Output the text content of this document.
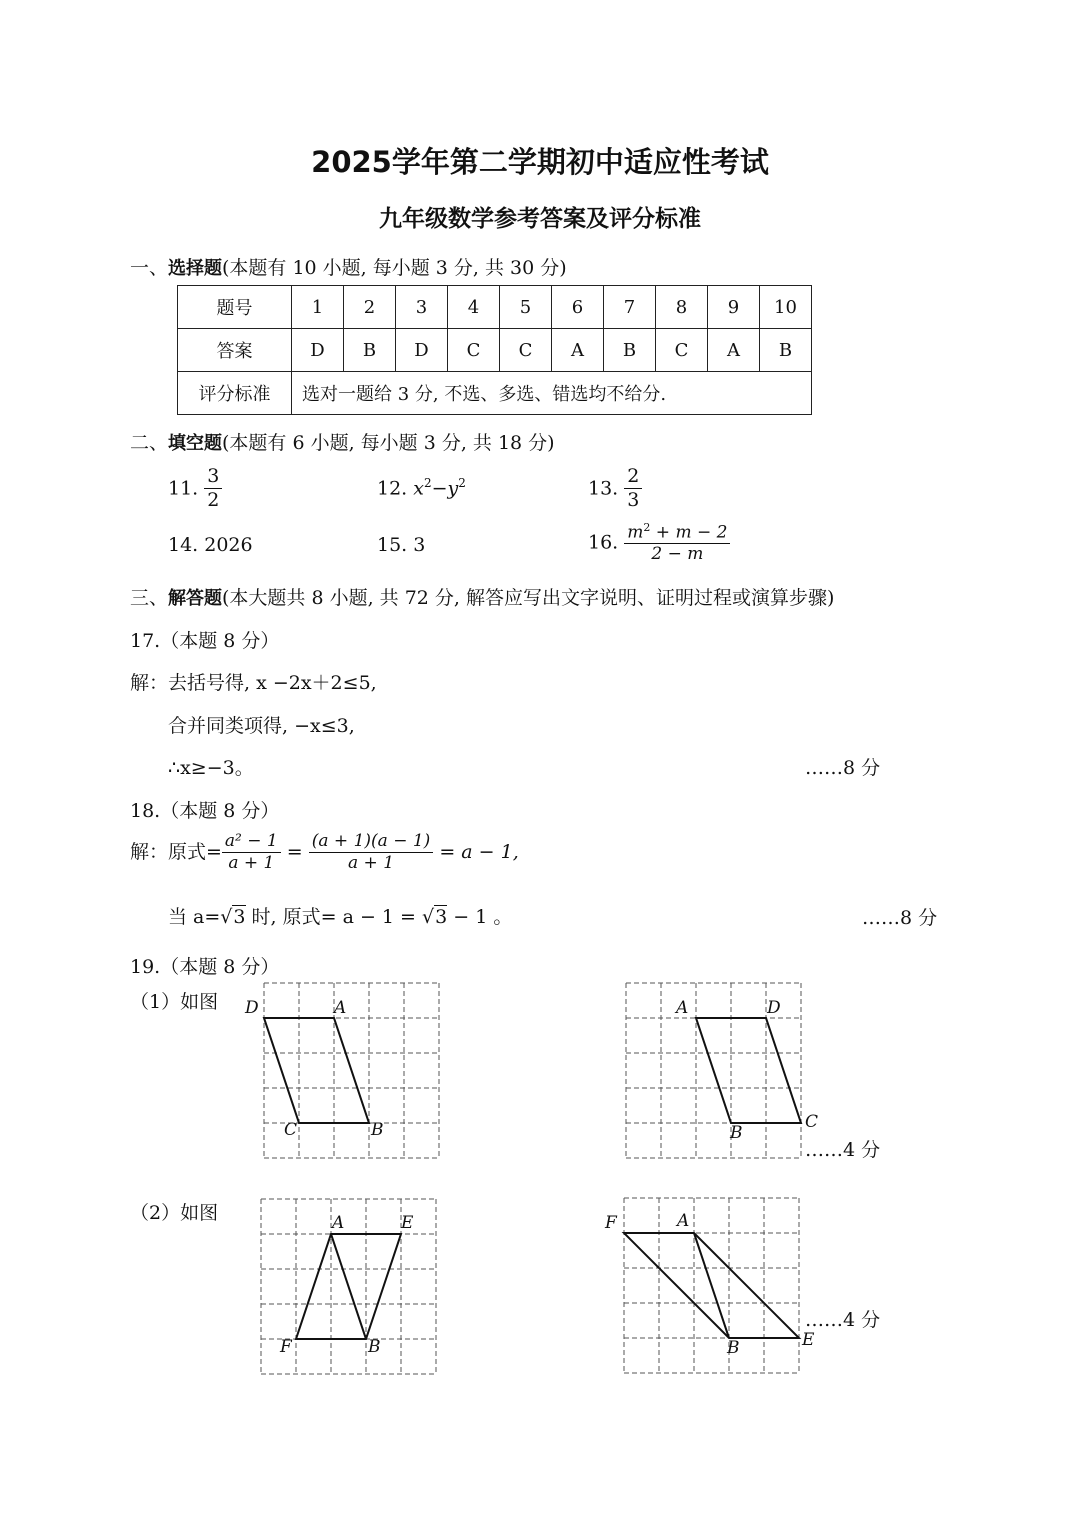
2025学年第二学期初中适应性考试
九年级数学参考答案及评分标准
一、选择题(本题有 10 小题, 每小题 3 分, 共 30 分)
题号	1	2	3	4	5	6	7	8	9	10
答案	D	B	D	C	C	A	B	C	A	B
评分标准	选对一题给 3 分, 不选、多选、错选均不给分.									
二、填空题(本题有 6 小题, 每小题 3 分, 共 18 分)
11. $\frac{3}{2}$	12. $x^2-y^2$	13. $\frac{2}{3}$
14. 2026	15. 3	16. $\frac{m^2 + m - 2}{2 - m}$
三、解答题(本大题共 8 小题, 共 72 分, 解答应写出文字说明、证明过程或演算步骤)
17.（本题 8 分）
解：去括号得, x −2x＋2≤5,
合并同类项得, −x≤3,
∴x≥−3。	……8 分
18.（本题 8 分）
解：原式= $\frac{\text{a² − 1}}{a + 1} = \frac{(a + 1)(a - 1)}{a + 1} = a - 1$,
当 a=√3 时, 原式= a − 1 = √3 − 1 。	……8 分
19.（本题 8 分）
（1）如图
（2）如图
……4 分
……4 分
D	A
C	B
A	D
B
C
A	E
F	B
F	A
B	E
